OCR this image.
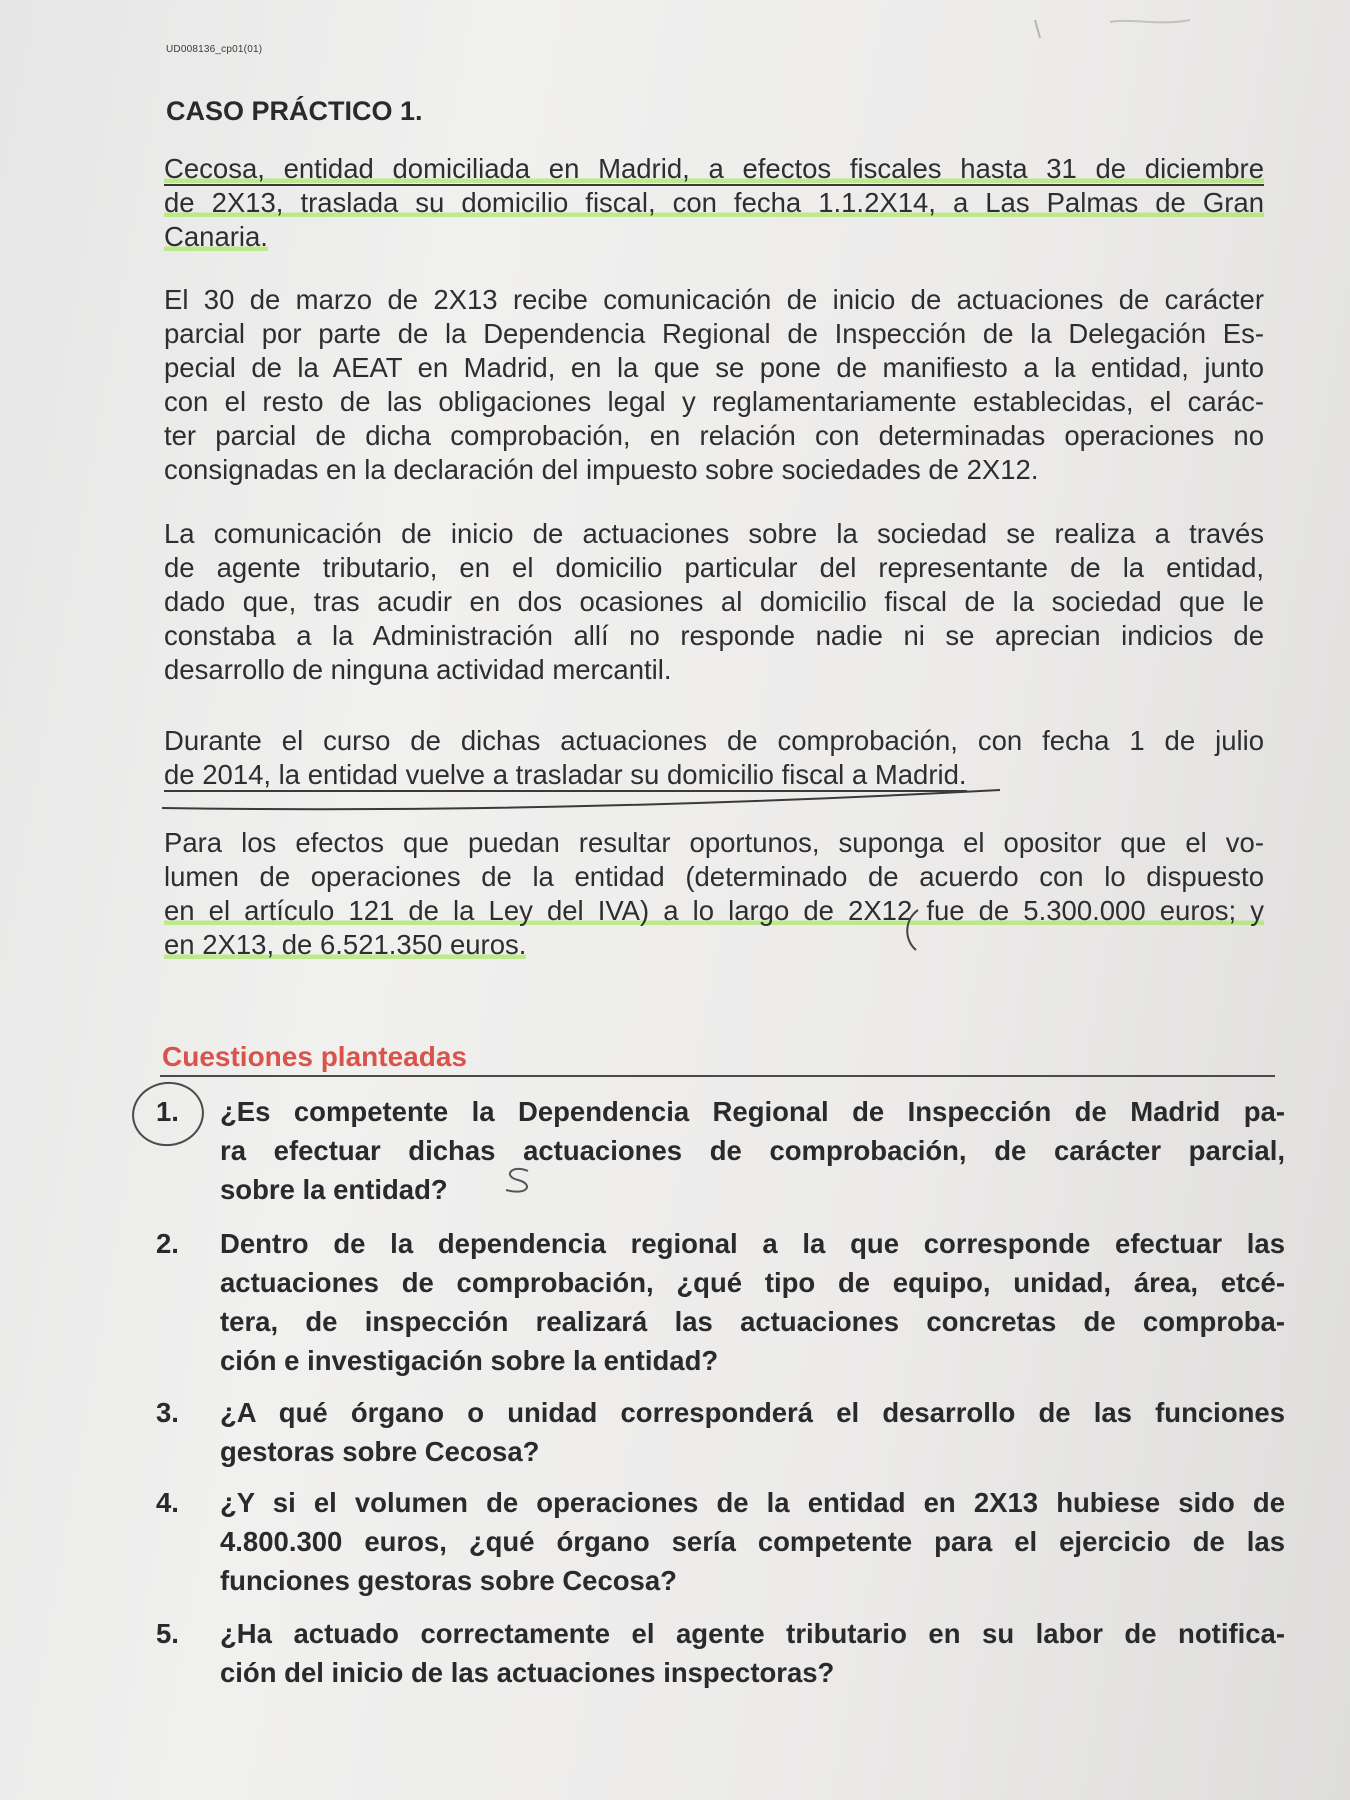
UD008136_cp01(01)
CASO PRÁCTICO 1.
Cecosa, entidad domiciliada en Madrid, a efectos fiscales hasta 31 de diciembre
de 2X13, traslada su domicilio fiscal, con fecha 1.1.2X14, a Las Palmas de Gran
Canaria.
El 30 de marzo de 2X13 recibe comunicación de inicio de actuaciones de carácter
parcial por parte de la Dependencia Regional de Inspección de la Delegación Es-
pecial de la AEAT en Madrid, en la que se pone de manifiesto a la entidad, junto
con el resto de las obligaciones legal y reglamentariamente establecidas, el carác-
ter parcial de dicha comprobación, en relación con determinadas operaciones no
consignadas en la declaración del impuesto sobre sociedades de 2X12.
La comunicación de inicio de actuaciones sobre la sociedad se realiza a través
de agente tributario, en el domicilio particular del representante de la entidad,
dado que, tras acudir en dos ocasiones al domicilio fiscal de la sociedad que le
constaba a la Administración allí no responde nadie ni se aprecian indicios de
desarrollo de ninguna actividad mercantil.
Durante el curso de dichas actuaciones de comprobación, con fecha 1 de julio
de 2014, la entidad vuelve a trasladar su domicilio fiscal a Madrid.
Para los efectos que puedan resultar oportunos, suponga el opositor que el vo-
lumen de operaciones de la entidad (determinado de acuerdo con lo dispuesto
en el artículo 121 de la Ley del IVA) a lo largo de 2X12 fue de 5.300.000 euros; y
en 2X13, de 6.521.350 euros.
Cuestiones planteadas
1.	¿Es competente la Dependencia Regional de Inspección de Madrid pa-
ra efectuar dichas actuaciones de comprobación, de carácter parcial,
sobre la entidad?
2.	Dentro de la dependencia regional a la que corresponde efectuar las
actuaciones de comprobación, ¿qué tipo de equipo, unidad, área, etcé-
tera, de inspección realizará las actuaciones concretas de comproba-
ción e investigación sobre la entidad?
3.	¿A qué órgano o unidad corresponderá el desarrollo de las funciones
gestoras sobre Cecosa?
4.	¿Y si el volumen de operaciones de la entidad en 2X13 hubiese sido de
4.800.300 euros, ¿qué órgano sería competente para el ejercicio de las
funciones gestoras sobre Cecosa?
5.	¿Ha actuado correctamente el agente tributario en su labor de notifica-
ción del inicio de las actuaciones inspectoras?
